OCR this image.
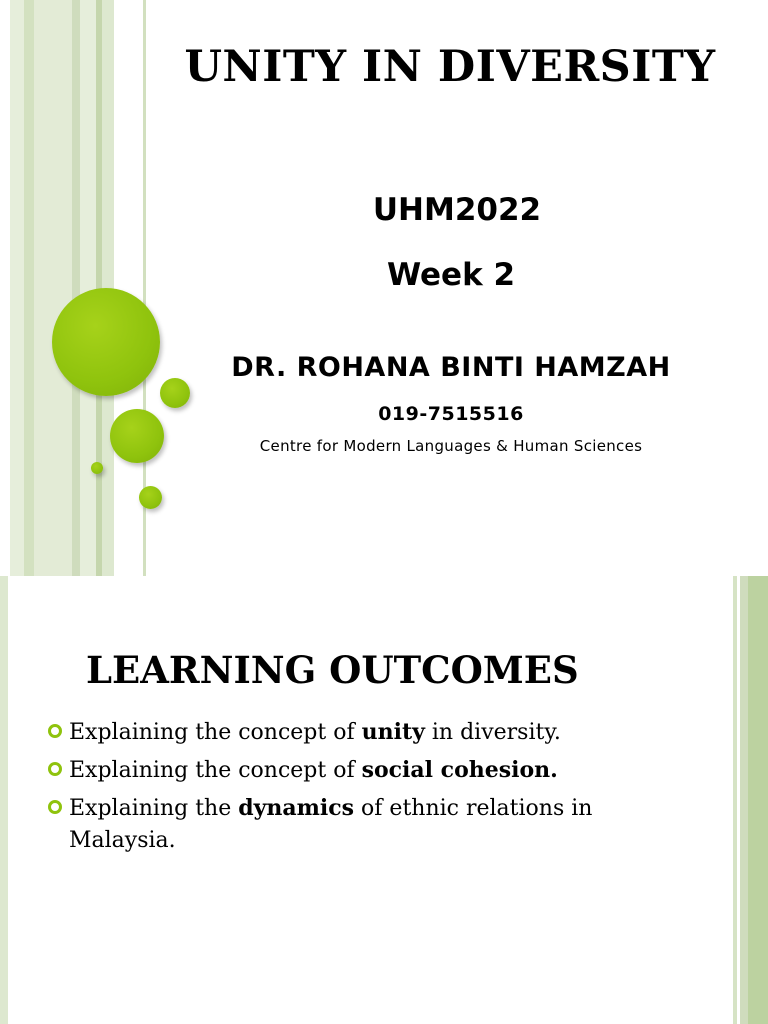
UNITY IN DIVERSITY
UHM2022
Week 2
DR. ROHANA BINTI HAMZAH
019-7515516
Centre for Modern Languages & Human Sciences
LEARNING OUTCOMES
Explaining the concept of unity in diversity.
Explaining the concept of social cohesion.
Explaining the dynamics of ethnic relations in Malaysia.
